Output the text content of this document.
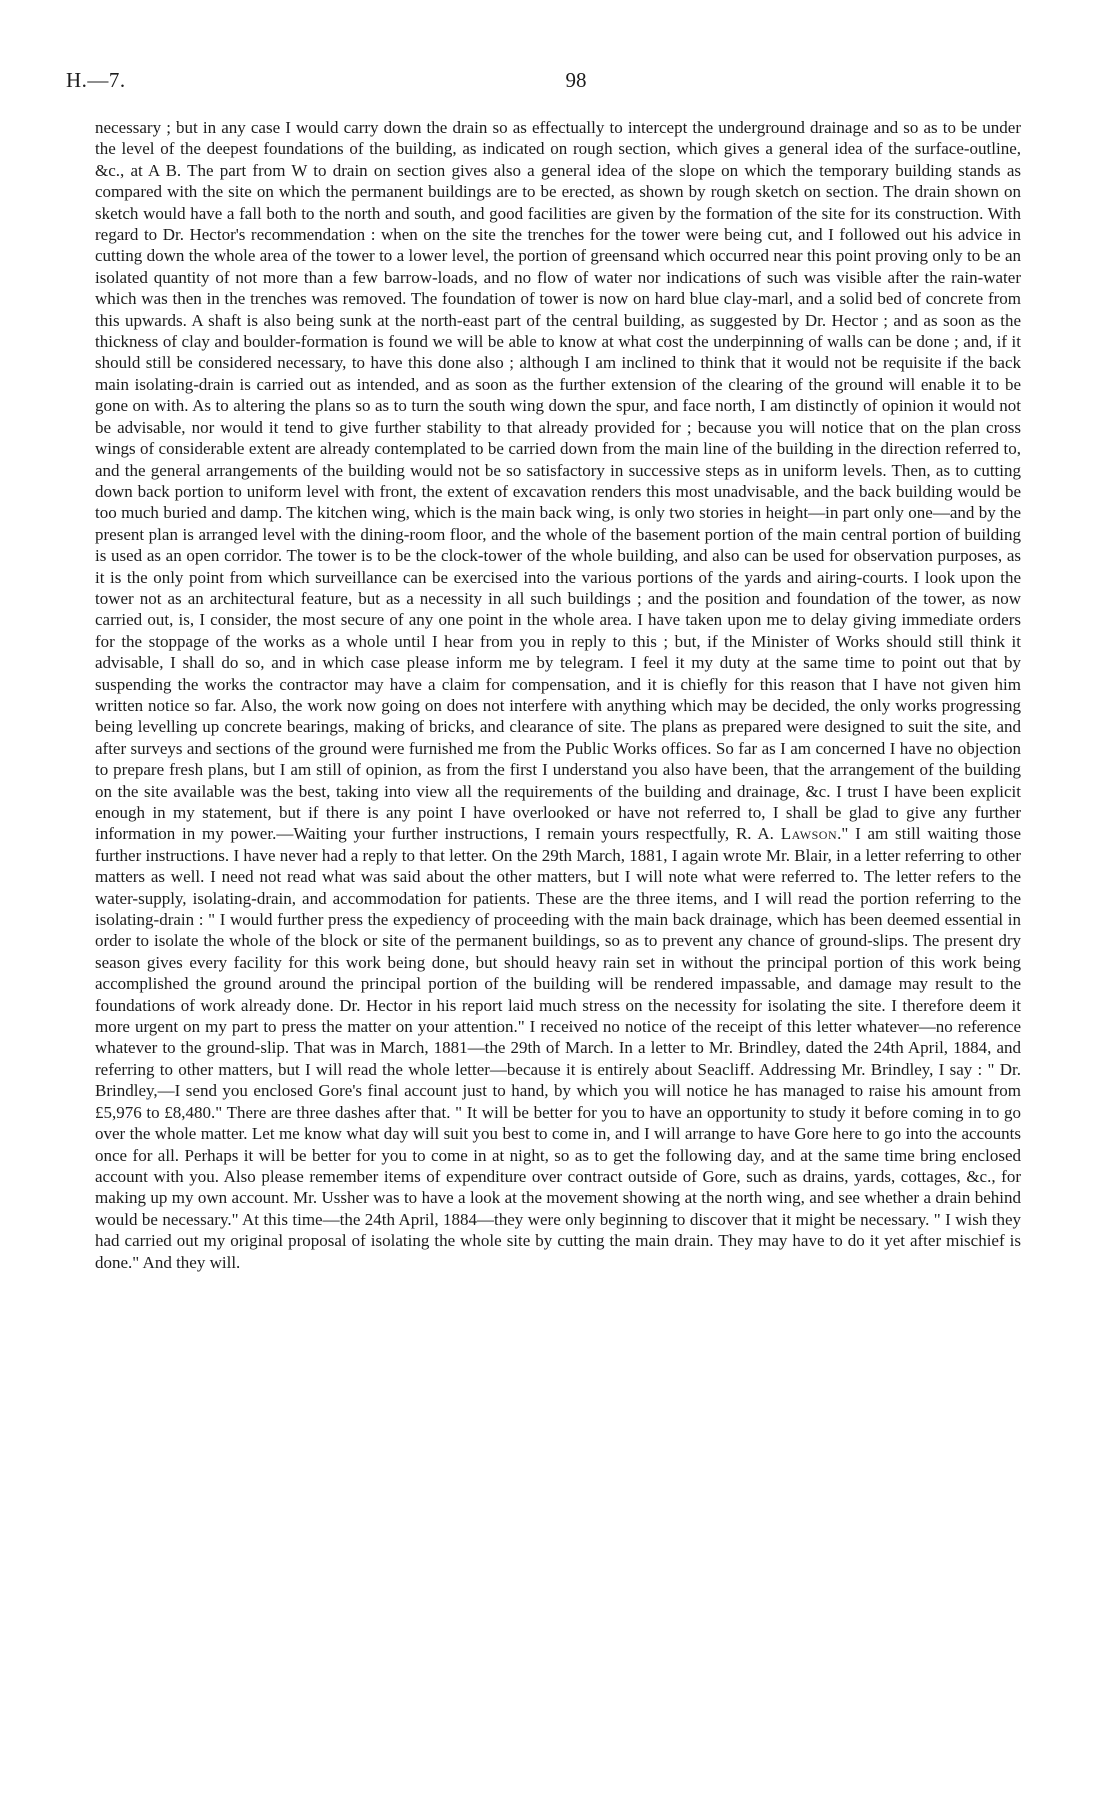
H.—7.	98

necessary ; but in any case I would carry down the drain so as effectually to intercept the underground drainage and so as to be under the level of the deepest foundations of the building, as indicated on rough section, which gives a general idea of the surface-outline, &c., at A B. The part from W to drain on section gives also a general idea of the slope on which the temporary building stands as compared with the site on which the permanent buildings are to be erected, as shown by rough sketch on section. The drain shown on sketch would have a fall both to the north and south, and good facilities are given by the formation of the site for its construction. With regard to Dr. Hector's recommendation : when on the site the trenches for the tower were being cut, and I followed out his advice in cutting down the whole area of the tower to a lower level, the portion of greensand which occurred near this point proving only to be an isolated quantity of not more than a few barrow-loads, and no flow of water nor indications of such was visible after the rain-water which was then in the trenches was removed. The foundation of tower is now on hard blue clay-marl, and a solid bed of concrete from this upwards. A shaft is also being sunk at the north-east part of the central building, as suggested by Dr. Hector ; and as soon as the thickness of clay and boulder-formation is found we will be able to know at what cost the underpinning of walls can be done ; and, if it should still be considered necessary, to have this done also ; although I am inclined to think that it would not be requisite if the back main isolating-drain is carried out as intended, and as soon as the further extension of the clearing of the ground will enable it to be gone on with. As to altering the plans so as to turn the south wing down the spur, and face north, I am distinctly of opinion it would not be advisable, nor would it tend to give further stability to that already provided for ; because you will notice that on the plan cross wings of considerable extent are already contemplated to be carried down from the main line of the building in the direction referred to, and the general arrangements of the building would not be so satisfactory in successive steps as in uniform levels. Then, as to cutting down back portion to uniform level with front, the extent of excavation renders this most unadvisable, and the back building would be too much buried and damp. The kitchen wing, which is the main back wing, is only two stories in height—in part only one—and by the present plan is arranged level with the dining-room floor, and the whole of the basement portion of the main central portion of building is used as an open corridor. The tower is to be the clock-tower of the whole building, and also can be used for observation purposes, as it is the only point from which surveillance can be exercised into the various portions of the yards and airing-courts. I look upon the tower not as an architectural feature, but as a necessity in all such buildings ; and the position and foundation of the tower, as now carried out, is, I consider, the most secure of any one point in the whole area. I have taken upon me to delay giving immediate orders for the stoppage of the works as a whole until I hear from you in reply to this ; but, if the Minister of Works should still think it advisable, I shall do so, and in which case please inform me by telegram. I feel it my duty at the same time to point out that by suspending the works the contractor may have a claim for compensation, and it is chiefly for this reason that I have not given him written notice so far. Also, the work now going on does not interfere with anything which may be decided, the only works progressing being levelling up concrete bearings, making of bricks, and clearance of site. The plans as prepared were designed to suit the site, and after surveys and sections of the ground were furnished me from the Public Works offices. So far as I am concerned I have no objection to prepare fresh plans, but I am still of opinion, as from the first I understand you also have been, that the arrangement of the building on the site available was the best, taking into view all the requirements of the building and drainage, &c. I trust I have been explicit enough in my statement, but if there is any point I have overlooked or have not referred to, I shall be glad to give any further information in my power.—Waiting your further instructions, I remain yours respectfully, R. A. Lawson." I am still waiting those further instructions. I have never had a reply to that letter. On the 29th March, 1881, I again wrote Mr. Blair, in a letter referring to other matters as well. I need not read what was said about the other matters, but I will note what were referred to. The letter refers to the water-supply, isolating-drain, and accommodation for patients. These are the three items, and I will read the portion referring to the isolating-drain : " I would further press the expediency of proceeding with the main back drainage, which has been deemed essential in order to isolate the whole of the block or site of the permanent buildings, so as to prevent any chance of ground-slips. The present dry season gives every facility for this work being done, but should heavy rain set in without the principal portion of this work being accomplished the ground around the principal portion of the building will be rendered impassable, and damage may result to the foundations of work already done. Dr. Hector in his report laid much stress on the necessity for isolating the site. I therefore deem it more urgent on my part to press the matter on your attention." I received no notice of the receipt of this letter whatever—no reference whatever to the ground-slip. That was in March, 1881—the 29th of March. In a letter to Mr. Brindley, dated the 24th April, 1884, and referring to other matters, but I will read the whole letter—because it is entirely about Seacliff. Addressing Mr. Brindley, I say : " Dr. Brindley,—I send you enclosed Gore's final account just to hand, by which you will notice he has managed to raise his amount from £5,976 to £8,480." There are three dashes after that. " It will be better for you to have an opportunity to study it before coming in to go over the whole matter. Let me know what day will suit you best to come in, and I will arrange to have Gore here to go into the accounts once for all. Perhaps it will be better for you to come in at night, so as to get the following day, and at the same time bring enclosed account with you. Also please remember items of expenditure over contract outside of Gore, such as drains, yards, cottages, &c., for making up my own account. Mr. Ussher was to have a look at the movement showing at the north wing, and see whether a drain behind would be necessary." At this time—the 24th April, 1884—they were only beginning to discover that it might be necessary. " I wish they had carried out my original proposal of isolating the whole site by cutting the main drain. They may have to do it yet after mischief is done." And they will.
